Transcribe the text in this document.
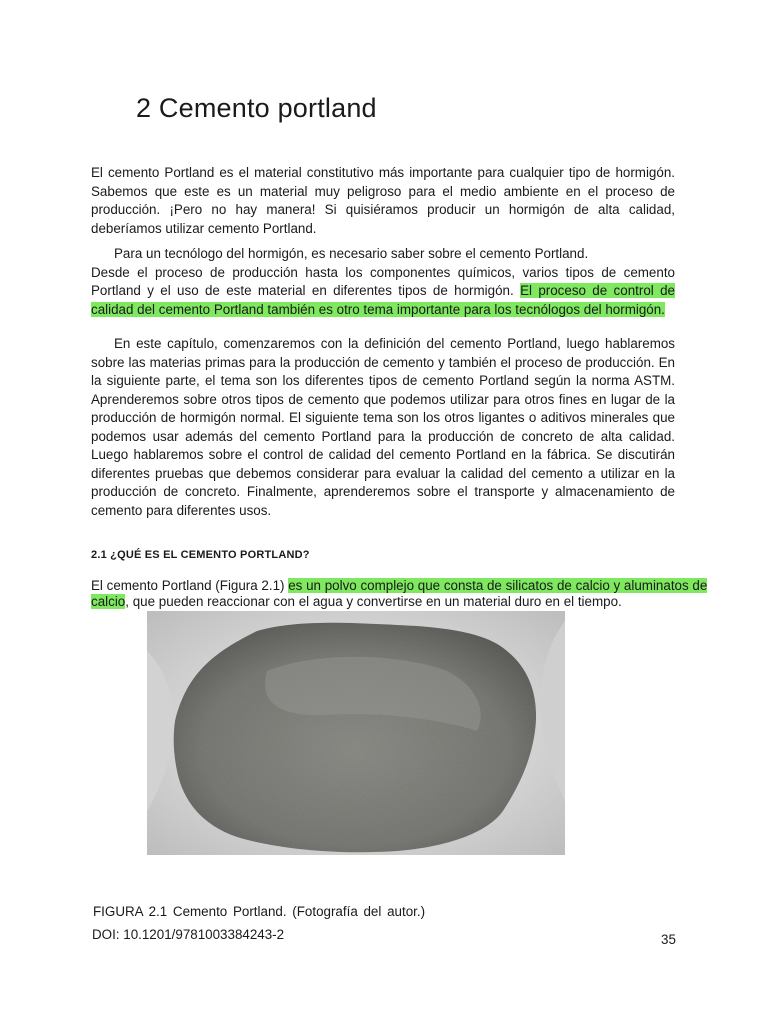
2 Cemento portland

El cemento Portland es el material constitutivo más importante para cualquier tipo de hormigón. Sabemos que este es un material muy peligroso para el medio ambiente en el proceso de producción. ¡Pero no hay manera! Si quisiéramos producir un hormigón de alta calidad, deberíamos utilizar cemento Portland.

Para un tecnólogo del hormigón, es necesario saber sobre el cemento Portland.
Desde el proceso de producción hasta los componentes químicos, varios tipos de cemento Portland y el uso de este material en diferentes tipos de hormigón. El proceso de control de calidad del cemento Portland también es otro tema importante para los tecnólogos del hormigón.

En este capítulo, comenzaremos con la definición del cemento Portland, luego hablaremos sobre las materias primas para la producción de cemento y también el proceso de producción. En la siguiente parte, el tema son los diferentes tipos de cemento Portland según la norma ASTM. Aprenderemos sobre otros tipos de cemento que podemos utilizar para otros fines en lugar de la producción de hormigón normal. El siguiente tema son los otros ligantes o aditivos minerales que podemos usar además del cemento Portland para la producción de concreto de alta calidad. Luego hablaremos sobre el control de calidad del cemento Portland en la fábrica. Se discutirán diferentes pruebas que debemos considerar para evaluar la calidad del cemento a utilizar en la producción de concreto. Finalmente, aprenderemos sobre el transporte y almacenamiento de cemento para diferentes usos.

2.1 ¿QUÉ ES EL CEMENTO PORTLAND?

El cemento Portland (Figura 2.1) es un polvo complejo que consta de silicatos de calcio y aluminatos de calcio, que pueden reaccionar con el agua y convertirse en un material duro en el tiempo.

FIGURA 2.1 Cemento Portland. (Fotografía del autor.)

DOI: 10.1201/9781003384243-2	35
